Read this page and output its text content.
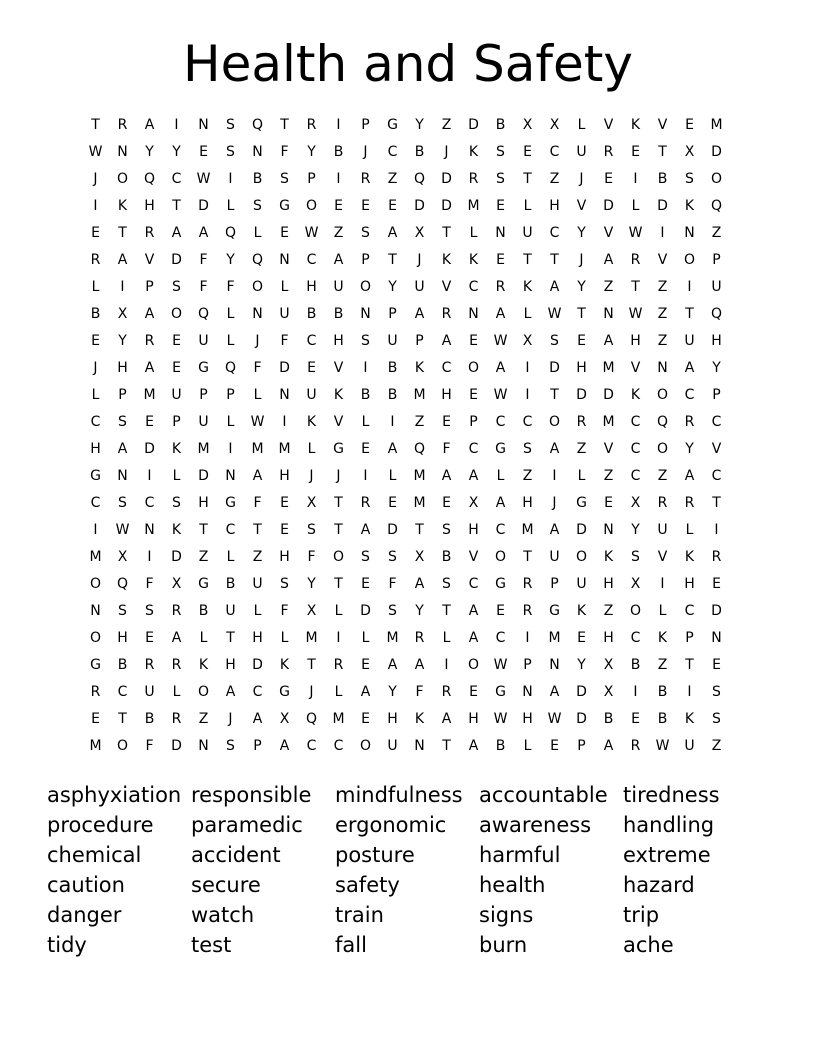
Health and Safety
T	R	A	I	N	S	Q	T	R	I	P	G	Y	Z	D	B	X	X	L	V	K	V	E	M
W	N	Y	Y	E	S	N	F	Y	B	J	C	B	J	K	S	E	C	U	R	E	T	X	D
J	O	Q	C	W	I	B	S	P	I	R	Z	Q	D	R	S	T	Z	J	E	I	B	S	O
I	K	H	T	D	L	S	G	O	E	E	E	D	D	M	E	L	H	V	D	L	D	K	Q
E	T	R	A	A	Q	L	E	W	Z	S	A	X	T	L	N	U	C	Y	V	W	I	N	Z
R	A	V	D	F	Y	Q	N	C	A	P	T	J	K	K	E	T	T	J	A	R	V	O	P
L	I	P	S	F	F	O	L	H	U	O	Y	U	V	C	R	K	A	Y	Z	T	Z	I	U
B	X	A	O	Q	L	N	U	B	B	N	P	A	R	N	A	L	W	T	N	W	Z	T	Q
E	Y	R	E	U	L	J	F	C	H	S	U	P	A	E	W	X	S	E	A	H	Z	U	H
J	H	A	E	G	Q	F	D	E	V	I	B	K	C	O	A	I	D	H	M	V	N	A	Y
L	P	M	U	P	P	L	N	U	K	B	B	M	H	E	W	I	T	D	D	K	O	C	P
C	S	E	P	U	L	W	I	K	V	L	I	Z	E	P	C	C	O	R	M	C	Q	R	C
H	A	D	K	M	I	M	M	L	G	E	A	Q	F	C	G	S	A	Z	V	C	O	Y	V
G	N	I	L	D	N	A	H	J	J	I	L	M	A	A	L	Z	I	L	Z	C	Z	A	C
C	S	C	S	H	G	F	E	X	T	R	E	M	E	X	A	H	J	G	E	X	R	R	T
I	W	N	K	T	C	T	E	S	T	A	D	T	S	H	C	M	A	D	N	Y	U	L	I
M	X	I	D	Z	L	Z	H	F	O	S	S	X	B	V	O	T	U	O	K	S	V	K	R
O	Q	F	X	G	B	U	S	Y	T	E	F	A	S	C	G	R	P	U	H	X	I	H	E
N	S	S	R	B	U	L	F	X	L	D	S	Y	T	A	E	R	G	K	Z	O	L	C	D
O	H	E	A	L	T	H	L	M	I	L	M	R	L	A	C	I	M	E	H	C	K	P	N
G	B	R	R	K	H	D	K	T	R	E	A	A	I	O	W	P	N	Y	X	B	Z	T	E
R	C	U	L	O	A	C	G	J	L	A	Y	F	R	E	G	N	A	D	X	I	B	I	S
E	T	B	R	Z	J	A	X	Q	M	E	H	K	A	H	W	H	W	D	B	E	B	K	S
M	O	F	D	N	S	P	A	C	C	O	U	N	T	A	B	L	E	P	A	R	W	U	Z
asphyxiation
procedure
chemical
caution
danger
tidy
responsible
paramedic
accident
secure
watch
test
mindfulness
ergonomic
posture
safety
train
fall
accountable
awareness
harmful
health
signs
burn
tiredness
handling
extreme
hazard
trip
ache
